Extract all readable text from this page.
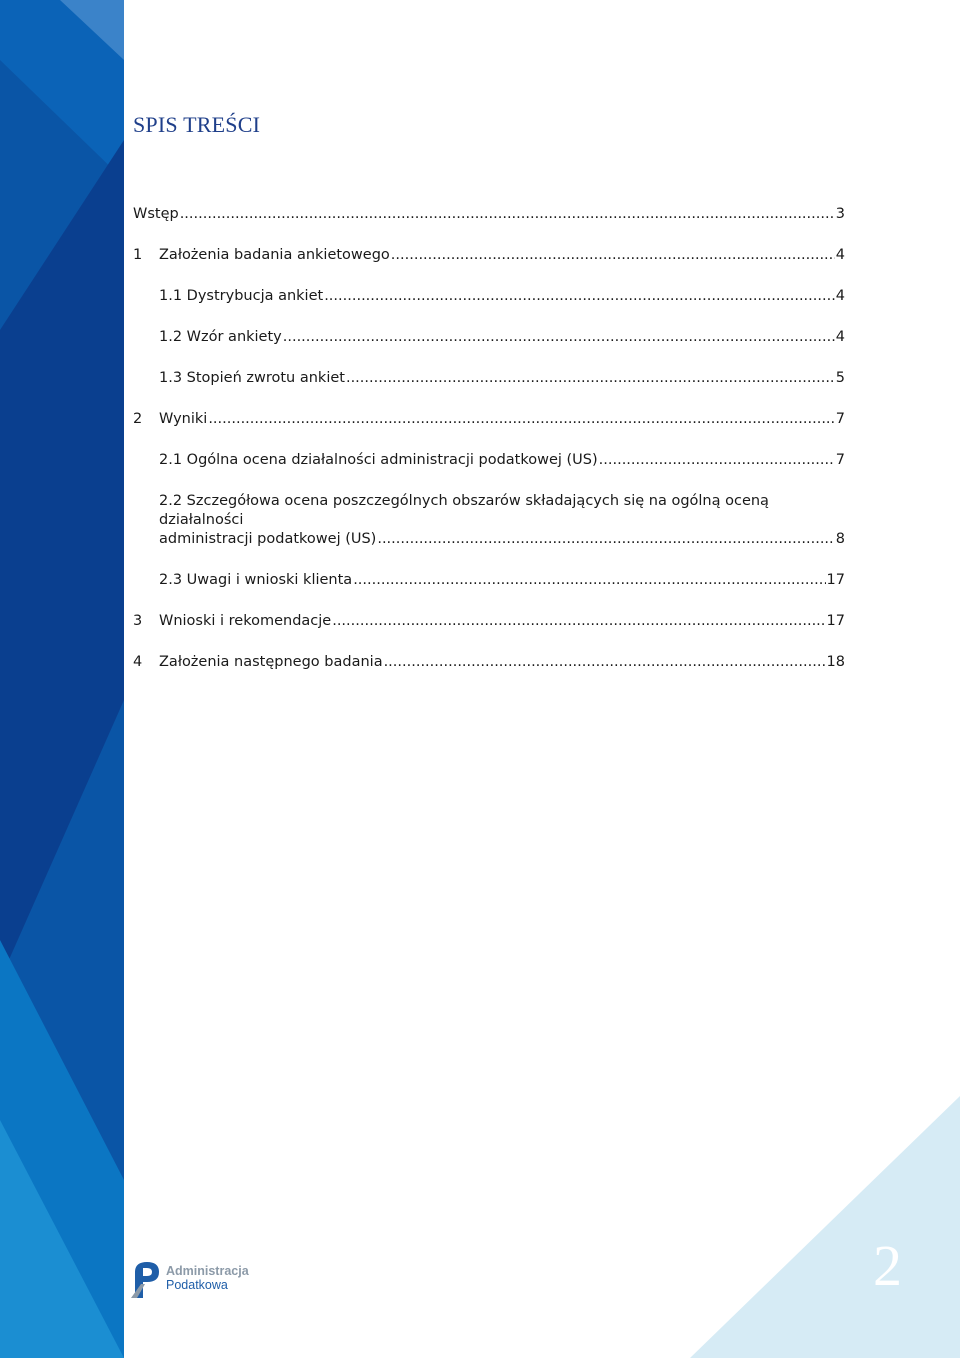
SPIS TREŚCI
Wstęp .....	3
1	Założenia badania ankietowego .....	4
1.1 Dystrybucja ankiet .....	4
1.2 Wzór ankiety .....	4
1.3 Stopień zwrotu ankiet .....	5
2	Wyniki .....	7
2.1 Ogólna ocena działalności administracji podatkowej (US) .....	7
2.2 Szczegółowa ocena poszczególnych obszarów składających się na ogólną oceną działalności
administracji podatkowej (US) .....	8
2.3 Uwagi i wnioski klienta .....	17
3	Wnioski i rekomendacje .....	17
4	Założenia następnego badania .....	18
Administracja
Podatkowa	2
